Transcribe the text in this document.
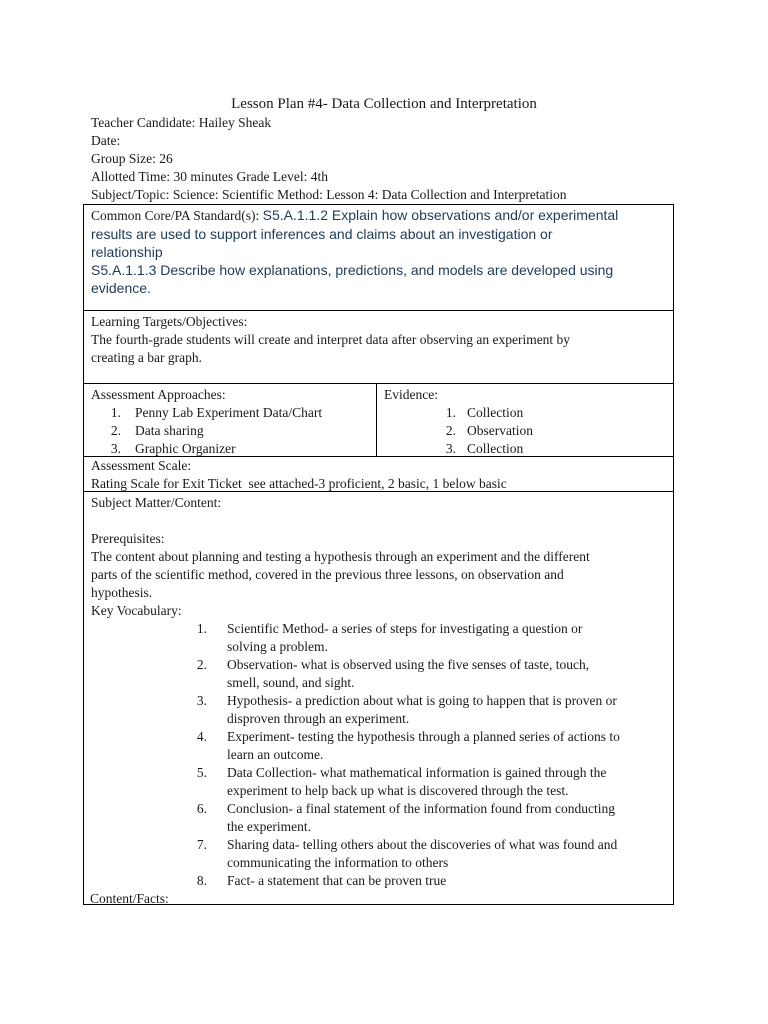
Lesson Plan #4- Data Collection and Interpretation
Teacher Candidate: Hailey Sheak
Date:
Group Size: 26
Allotted Time: 30 minutes Grade Level: 4th
Subject/Topic: Science: Scientific Method: Lesson 4: Data Collection and Interpretation
Common Core/PA Standard(s): S5.A.1.1.2 Explain how observations and/or experimental
results are used to support inferences and claims about an investigation or
relationship
S5.A.1.1.3 Describe how explanations, predictions, and models are developed using
evidence.
Learning Targets/Objectives:
The fourth-grade students will create and interpret data after observing an experiment by
creating a bar graph.
Assessment Approaches:
1. Penny Lab Experiment Data/Chart
2. Data sharing
3. Graphic Organizer
Evidence:
1. Collection
2. Observation
3. Collection
Assessment Scale:
Rating Scale for Exit Ticket  see attached-3 proficient, 2 basic, 1 below basic
Subject Matter/Content:
Prerequisites:
The content about planning and testing a hypothesis through an experiment and the different
parts of the scientific method, covered in the previous three lessons, on observation and
hypothesis.
Key Vocabulary:
1. Scientific Method- a series of steps for investigating a question or
solving a problem.
2. Observation- what is observed using the five senses of taste, touch,
smell, sound, and sight.
3. Hypothesis- a prediction about what is going to happen that is proven or
disproven through an experiment.
4. Experiment- testing the hypothesis through a planned series of actions to
learn an outcome.
5. Data Collection- what mathematical information is gained through the
experiment to help back up what is discovered through the test.
6. Conclusion- a final statement of the information found from conducting
the experiment.
7. Sharing data- telling others about the discoveries of what was found and
communicating the information to others
8. Fact- a statement that can be proven true
Content/Facts:
